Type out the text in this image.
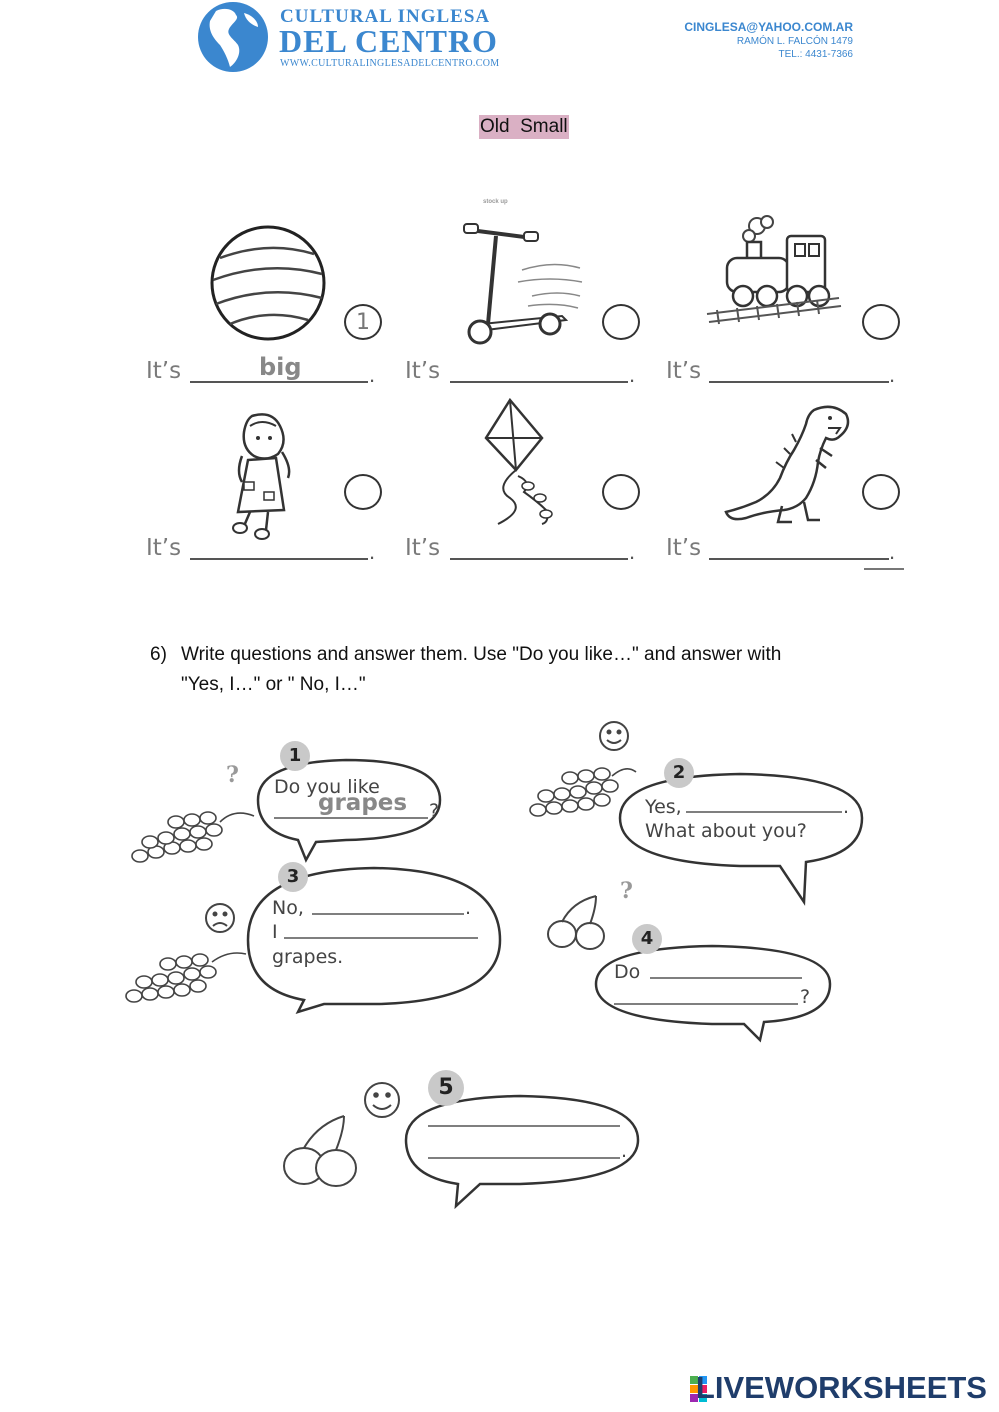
CULTURAL INGLESA
DEL CENTRO
WWW.CULTURALINGLESADELCENTRO.COM
CINGLESA@YAHOO.COM.AR
RAMÓN L. FALCÓN 1479
TEL.: 4431-7366
Old  Small
1
stock up
It’s	big	. It’s	. It’s	.
It’s	. It’s	. It’s	.
6) Write questions and answer them. Use "Do you like…" and answer with
"Yes, I…" or " No, I…"
?
?
1
2
3
4
5
Do you like
grapes ?	Yes,	.
What about you?
No,	.
I
grapes.
Do
?
.
LIVEWORKSHEETS
